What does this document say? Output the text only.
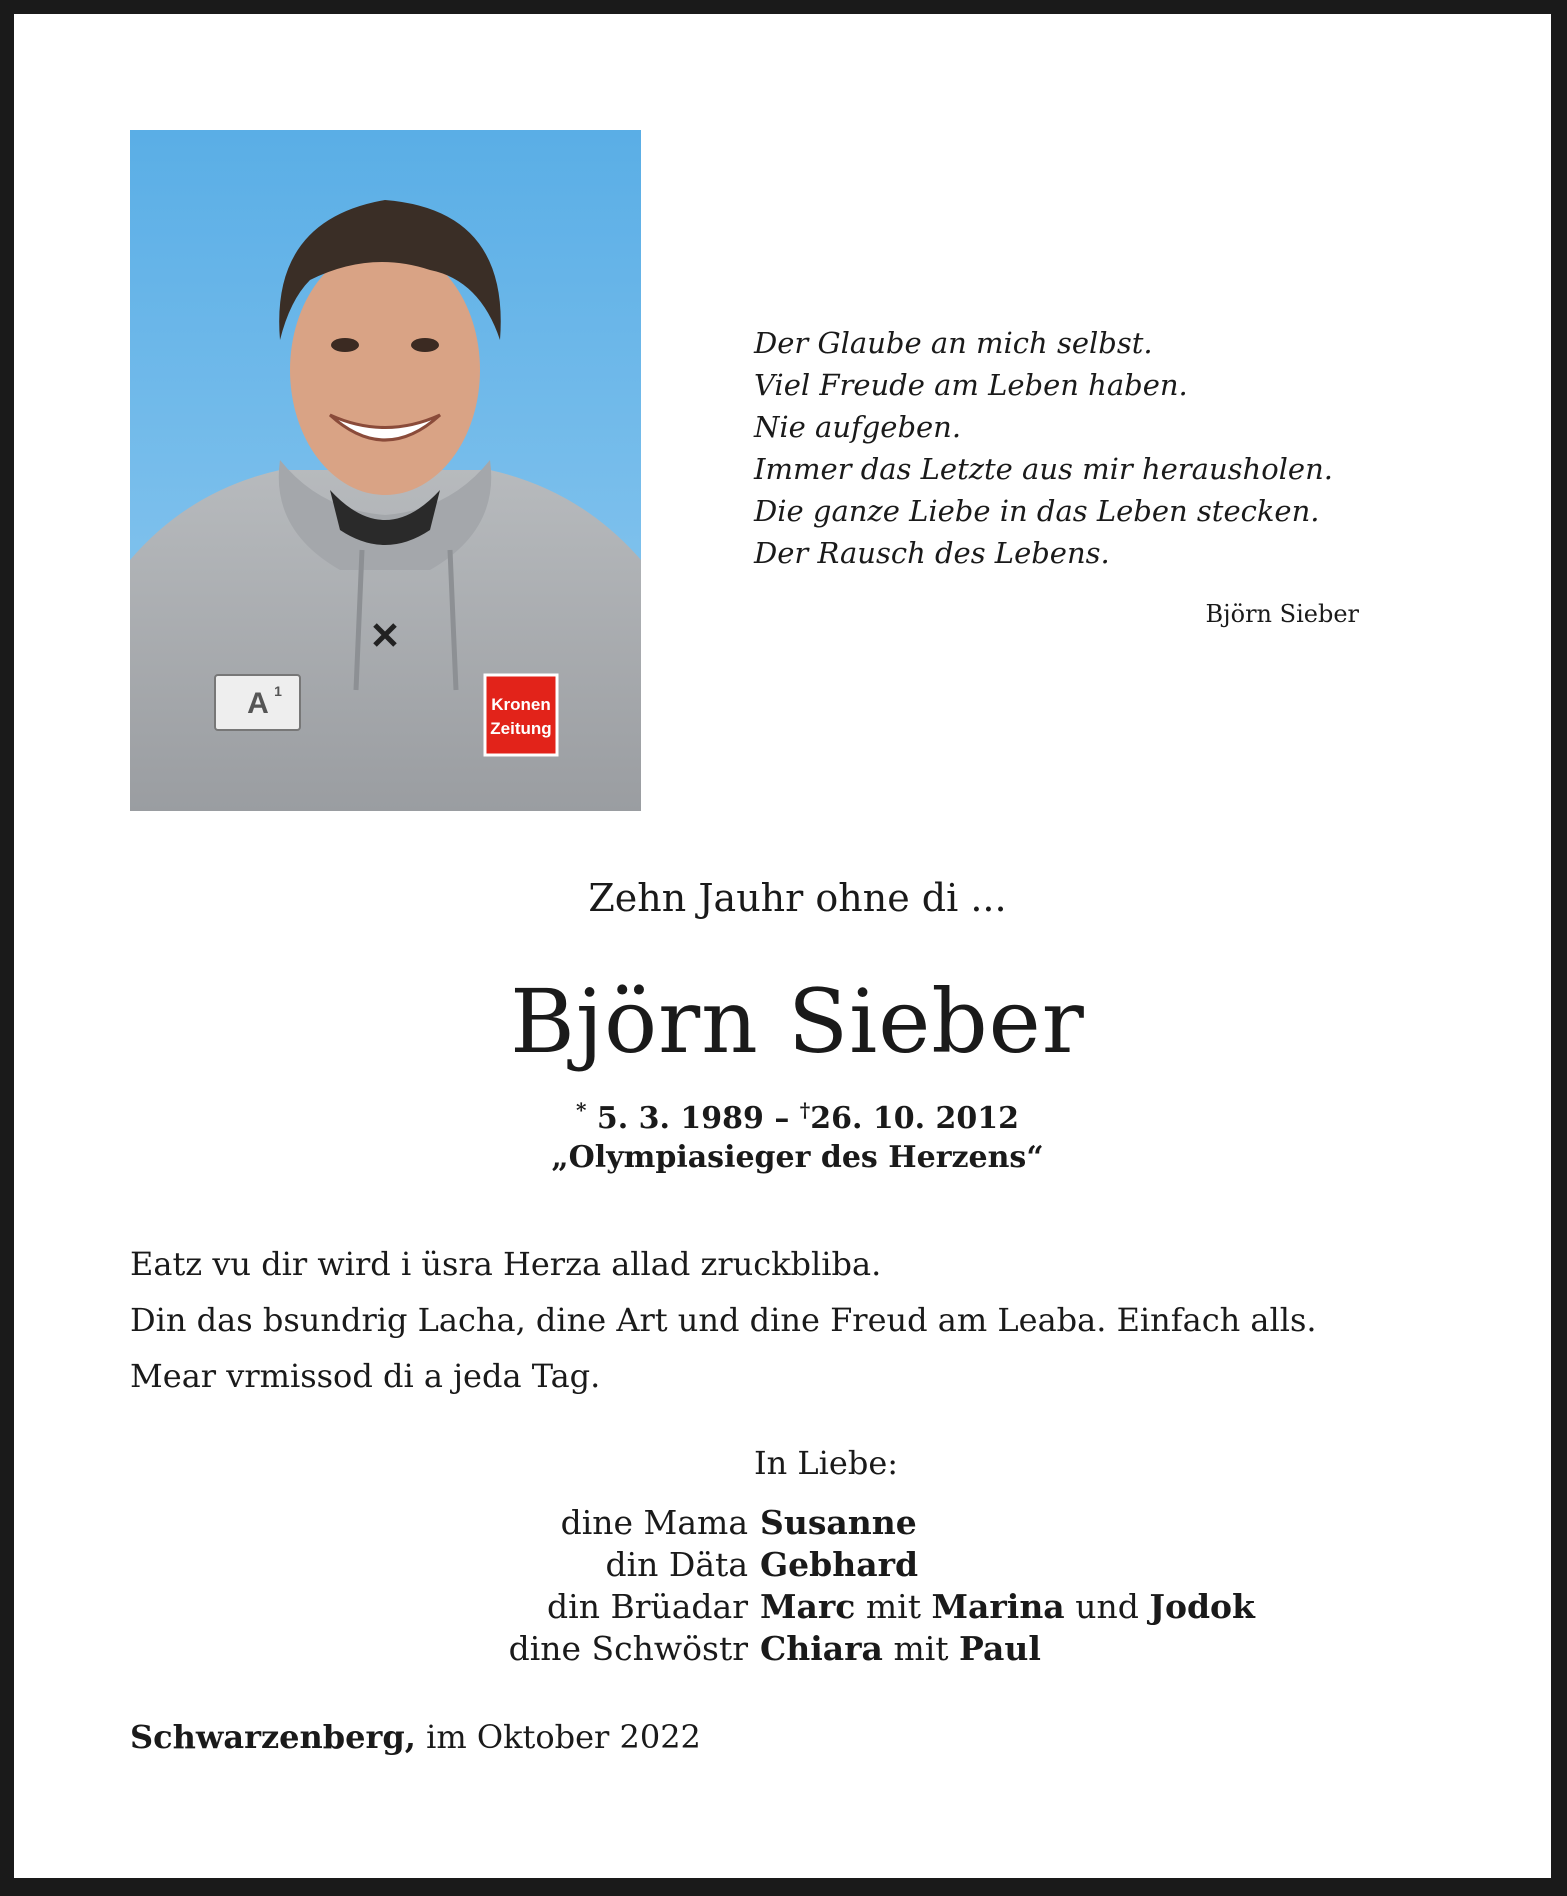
A 1
Kronen
Zeitung
Der Glaube an mich selbst.
Viel Freude am Leben haben.
Nie aufgeben.
Immer das Letzte aus mir herausholen.
Die ganze Liebe in das Leben stecken.
Der Rausch des Lebens.
Björn Sieber
Zehn Jauhr ohne di ...
Björn Sieber
* 5. 3. 1989 – †26. 10. 2012
„Olympiasieger des Herzens“
Eatz vu dir wird i üsra Herza allad zruckbliba.
Din das bsundrig Lacha, dine Art und dine Freud am Leaba. Einfach alls.
Mear vrmissod di a jeda Tag.
In Liebe:
dine Mama Susanne
din Däta Gebhard
din Brüadar Marc mit Marina und Jodok
dine Schwöstr Chiara mit Paul
Schwarzenberg, im Oktober 2022
